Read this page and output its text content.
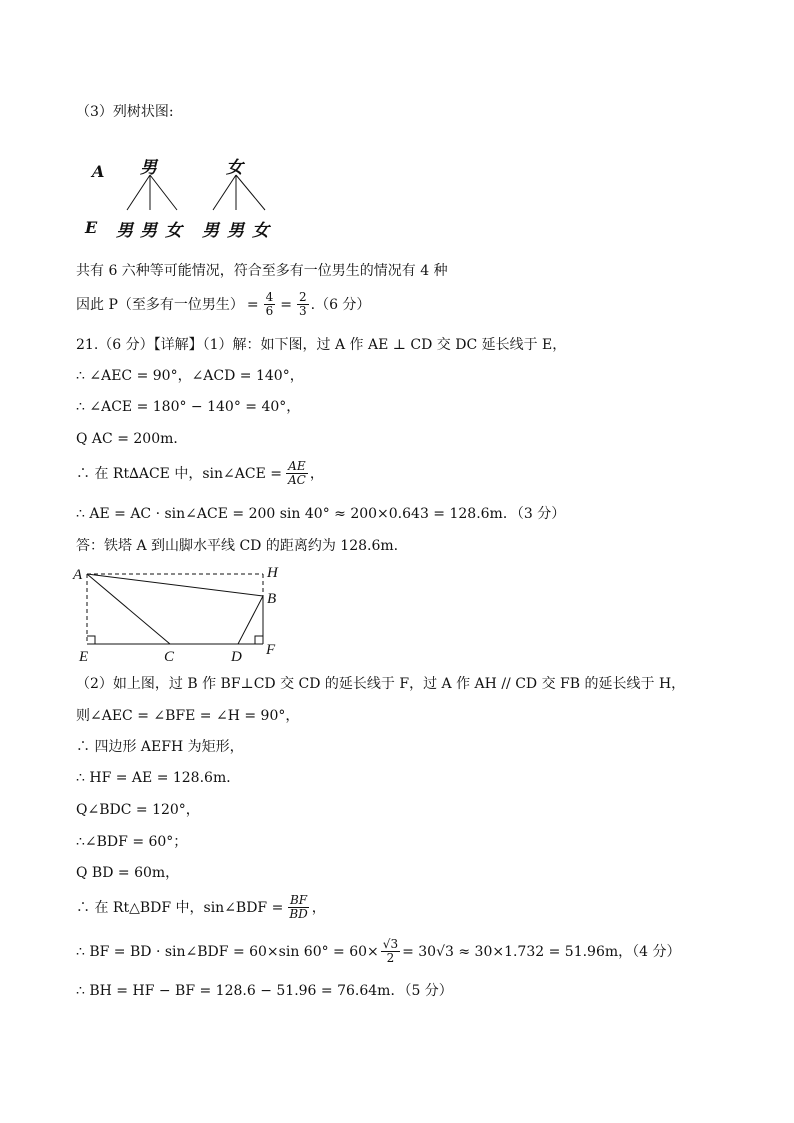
（3）列树状图:
A
E
男	女
男 男 女 男 男 女
共有 6 六种等可能情况，符合至多有一位男生的情况有 4 种
因此 P（至多有一位男生） = $\frac{4}{6} = \frac{2}{3} .(6$ 分）
21.（6 分）【详解】（1）解：如下图，过 A 作 AE ⊥ CD 交 DC 延长线于 E，
∴ ∠AEC = 90°，∠ACD = 140°，
∴ ∠ACE = 180° − 140° = 40°，
Q AC = 200m．
∴ 在 Rt∆ACE 中，sin∠ACE = $\frac{AE}{AC}$ ，
∴ AE = AC · sin∠ACE = 200 sin 40° ≈ 200×0.643 = 128.6m．（3 分）
答：铁塔 A 到山脚水平线 CD 的距离约为 128.6m.
A	H
B
E	C	D F
（2）如上图，过 B 作 BF⊥CD 交 CD 的延长线于 F，过 A 作 AH // CD 交 FB 的延长线于 H，
则∠AEC = ∠BFE = ∠H = 90°，
∴ 四边形 AEFH 为矩形，
∴ HF = AE = 128.6m．
Q∠BDC = 120°，
∴∠BDF = 60°；
Q BD = 60m，
∴ 在 Rt△BDF 中，sin∠BDF = $\frac{BF}{BD}$ ，
∴ BF = BD · sin∠BDF = 60×sin $60^\circ = 60\times \frac{√3}{2} = 30√3 \approx 30\times 1.732 = 51.96m$，（4 分）
∴ BH = HF − BF = 128.6 − 51.96 = 76.64m．（5 分）
